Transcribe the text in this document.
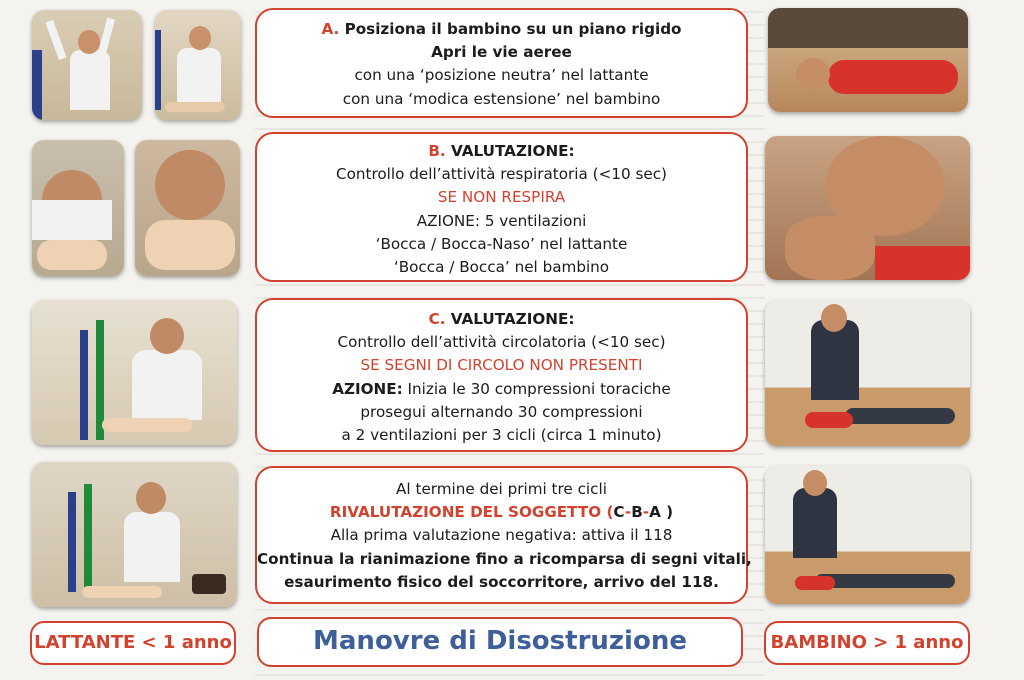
A. Posiziona il bambino su un piano rigido
Apri le vie aeree
con una ‘posizione neutra’ nel lattante
con una ‘modica estensione’ nel bambino
B. VALUTAZIONE:
Controllo dell’attività respiratoria (<10 sec)
SE NON RESPIRA
AZIONE: 5 ventilazioni
‘Bocca / Bocca-Naso’ nel lattante
‘Bocca / Bocca’ nel bambino
C. VALUTAZIONE:
Controllo dell’attività circolatoria (<10 sec)
SE SEGNI DI CIRCOLO NON PRESENTI
AZIONE: Inizia le 30 compressioni toraciche
prosegui alternando 30 compressioni
a 2 ventilazioni per 3 cicli (circa 1 minuto)
Al termine dei primi tre cicli
RIVALUTAZIONE DEL SOGGETTO (C-B-A )
Alla prima valutazione negativa: attiva il 118
Continua la rianimazione fino a ricomparsa di segni vitali,
esaurimento fisico del soccorritore, arrivo del 118.
LATTANTE < 1 anno	Manovre di Disostruzione	BAMBINO > 1 anno
